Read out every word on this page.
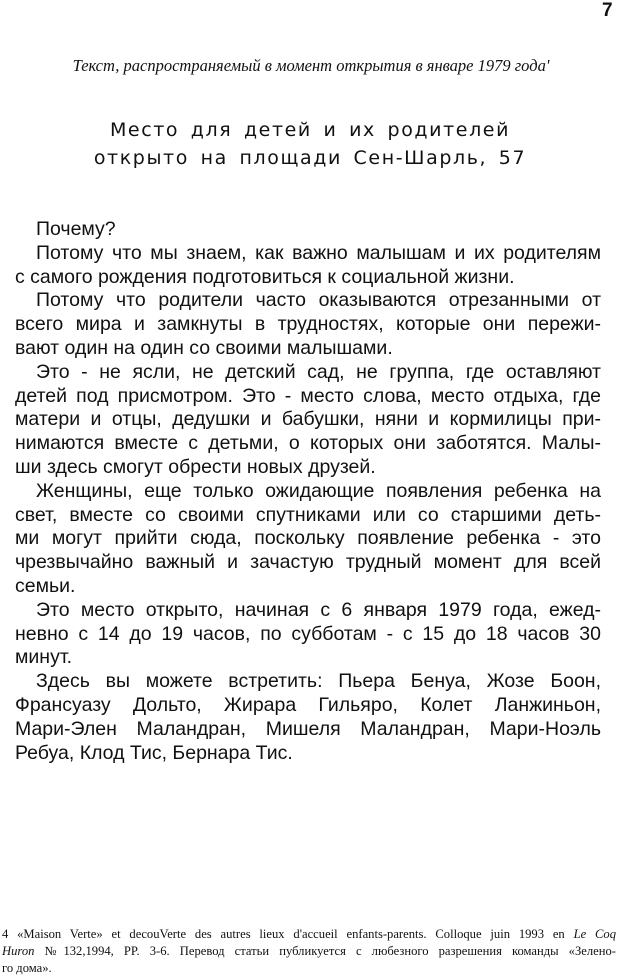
7
Текст, распространяемый в момент открытия в январе 1979 года'
Место для детей и их родителей
открыто на площади Сен-Шарль, 57
Почему?
Потому что мы знаем, как важно малышам и их родителям
с самого рождения подготовиться к социальной жизни.
Потому что родители часто оказываются отрезанными от
всего мира и замкнуты в трудностях, которые они пережи-
вают один на один со своими малышами.
Это - не ясли, не детский сад, не группа, где оставляют
детей под присмотром. Это - место слова, место отдыха, где
матери и отцы, дедушки и бабушки, няни и кормилицы при-
нимаются вместе с детьми, о которых они заботятся. Малы-
ши здесь смогут обрести новых друзей.
Женщины, еще только ожидающие появления ребенка на
свет, вместе со своими спутниками или со старшими деть-
ми могут прийти сюда, поскольку появление ребенка - это
чрезвычайно важный и зачастую трудный момент для всей
семьи.
Это место открыто, начиная с 6 января 1979 года, ежед-
невно с 14 до 19 часов, по субботам - с 15 до 18 часов 30
минут.
Здесь вы можете встретить: Пьера Бенуа, Жозе Боон,
Франсуазу Дольто, Жирара Гильяро, Колет Ланжиньон,
Мари-Элен Маландран, Мишеля Маландран, Мари-Ноэль
Ребуа, Клод Тис, Бернара Тис.
4 «Maison Verte» et decouVerte des autres lieux d'accueil enfants-parents. Colloque juin 1993 en Le Coq
Huron №132,1994, PP. 3-6. Перевод статьи публикуется с любезного разрешения команды «Зелено-
го дома».
